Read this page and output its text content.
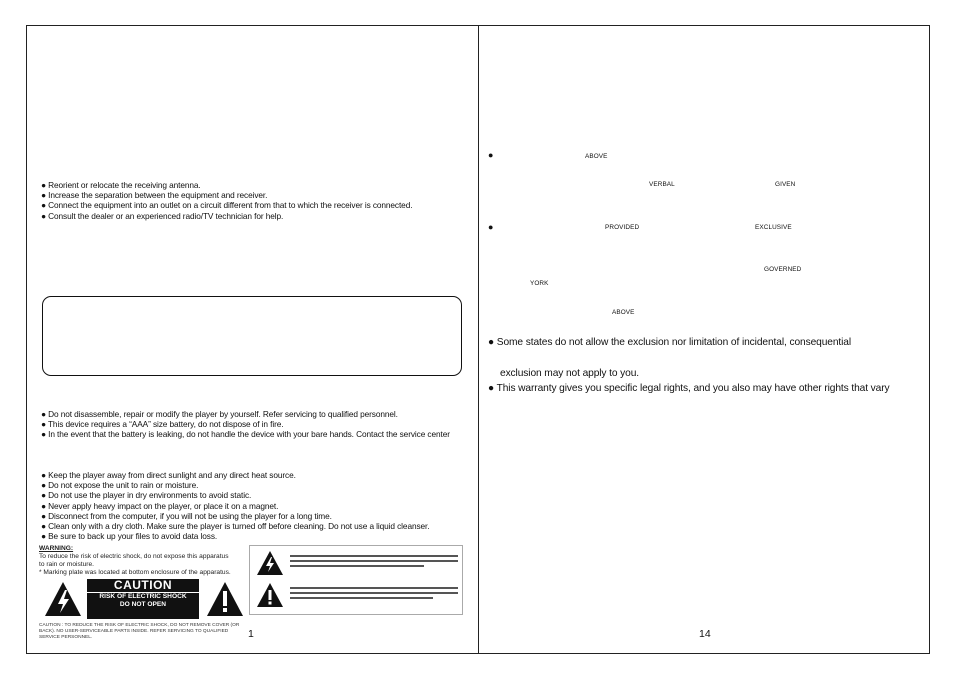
● Reorient or relocate the receiving antenna.
● Increase the separation between the equipment and receiver.
● Connect the equipment into an outlet on a circuit different from that to which the receiver is connected.
● Consult the dealer or an experienced radio/TV technician for help.
● Do not disassemble, repair or modify the player by yourself. Refer servicing to qualified personnel.
● This device requires a “AAA” size battery, do not dispose of in fire.
● In the event that the battery is leaking, do not handle the device with your bare hands. Contact the service center
● Keep the player away from direct sunlight and any direct heat source.
● Do not expose the unit to rain or moisture.
● Do not use the player in dry environments to avoid static.
● Never apply heavy impact on the player, or place it on a magnet.
● Disconnect from the computer, if you will not be using the player for a long time.
● Clean only with a dry cloth. Make sure the player is turned off before cleaning. Do not use a liquid cleanser.
● Be sure to back up your files to avoid data loss.
WARNING:
To reduce the risk of electric shock, do not expose this apparatus
to rain or moisture.
* Marking plate was located at bottom enclosure of the apparatus.
CAUTION
RISK OF ELECTRIC SHOCK
DO NOT OPEN
CAUTION : TO REDUCE THE RISK OF ELECTRIC SHOCK, DO NOT REMOVE COVER (OR BACK). NO USER-SERVICEABLE PARTS INSIDE. REFER SERVICING TO QUALIFIED SERVICE PERSONNEL.	1
●	ABOVE
VERBAL	GIVEN
●	PROVIDED	EXCLUSIVE
GOVERNED
YORK
ABOVE
● Some states do not allow the exclusion nor limitation of incidental, consequential
exclusion may not apply to you.
● This warranty gives you specific legal rights, and you also may have other rights that vary
14
